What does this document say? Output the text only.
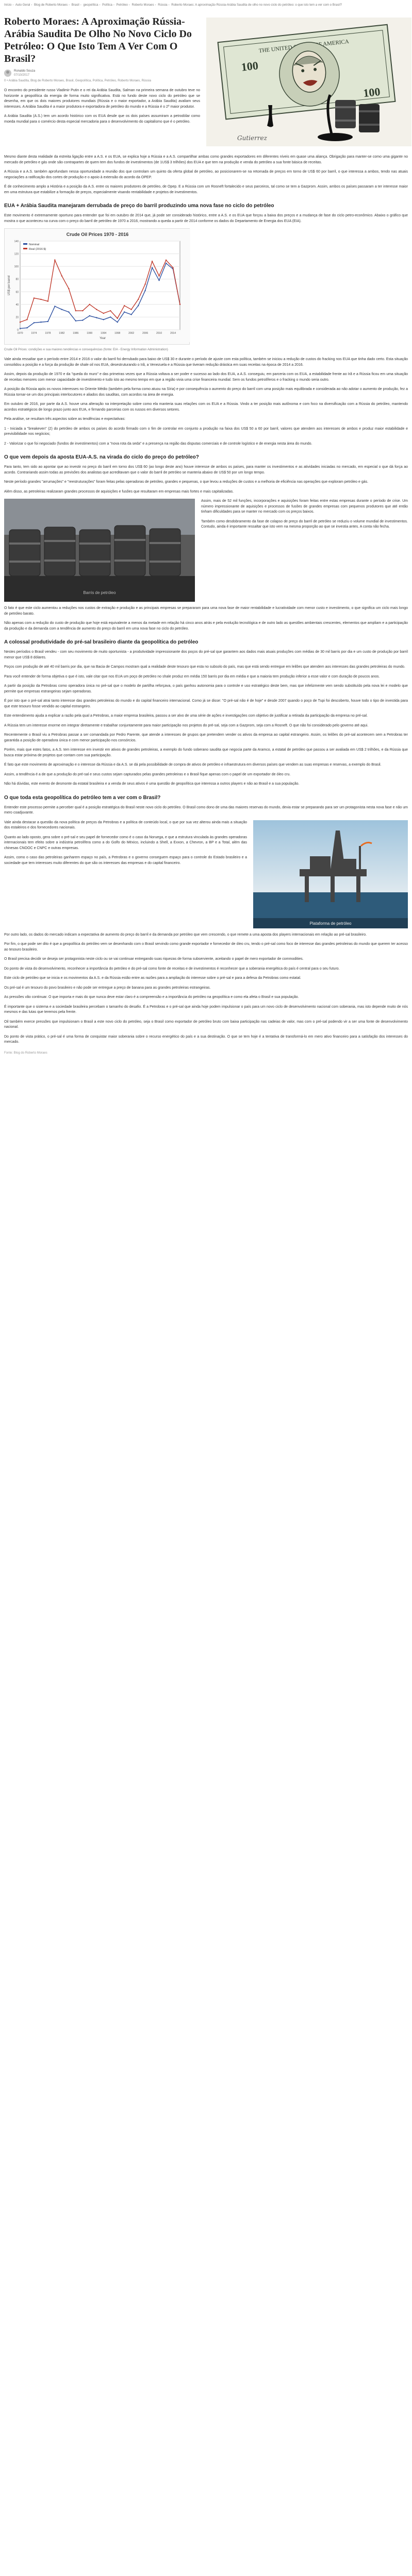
Início › Auto Geral › Blog de Roberto Moraes › Brasil › geopolítica › Política › Petróleo › Roberto Moraes › Rússia › Roberto Moraes: A aproximação Rússia-Arábia Saudita de olho no novo ciclo do petróleo: o que isto tem a ver com o Brasil?
Roberto Moraes: A Aproximação Rússia-Arábia Saudita De Olho No Novo Ciclo Do Petróleo: O Que Isto Tem A Ver Com O Brasil?
Ronaldo Souza
07/10/2017
0 • Arábia Saudita, Blog de Roberto Moraes, Brasil, Geopolítica, Política, Petróleo, Roberto Moraes, Rússia

O encontro do presidente russo Vladimir Putin e o rei da Arábia Saudita, Salman na primeira semana de outubro teve no horizonte a geopolítica da energia de forma muito significativa. Está no fundo deste novo ciclo do petróleo que se desenha, em que os dois maiores produtores mundiais (Rússia e o maior exportador, a Arábia Saudita) avaliam seus interesses. A Arábia Saudita é a maior produtora e exportadora de petróleo do mundo e a Rússia é o 2º maior produtor.

A Arábia Saudita (A.S.) tem um acordo histórico com os EUA desde que os dois países assumiram a petrodólar como moeda mundial para o comércio desta especial mercadoria para o desenvolvimento do capitalismo que é o petróleo.

THE UNITED AMERICA
100
100
Gutierrez

Mesmo diante desta realidade da estreita ligação entre a A.S. e os EUA, se explica hoje a Rússia e a A.S. compartilhar ambas como grandes exportadores em diferentes níveis em quase uma aliança. Obrigação para manter-se como uma gigante no mercado de petróleo e gás onde são contrapartes de quem tem dos fundos de investimentos (de 1US$ 3 trilhões) dos EUA e que tem na produção e venda do petróleo a sua fonte básica de receitas.

A Rússia e a A.S. também aprofundam nessa oportunidade a reunião dos que controlam um quinto da oferta global de petróleo, ao posicionarem-se na retomada de preços em torno de US$ 60 por barril, o que interessa a ambos, tendo nas atuais negociações a ratificação dos cortes de produção e o apoio à extensão do acordo da OPEP.

É de conhecimento amplo a História e a posição da A.S. entre os maiores produtores de petróleo, de Opep. E a Rússia com um Rosneft fortalecido e seus parceiros, tal como se tem a Gazprom. Assim, ambos os países passaram a ter interesse maior em uma estrutura que estabilize a formação de preços, especialmente visando rentabilidade e projetos de investimentos.

EUA + Arábia Saudita manejaram derrubada de preço do barril produzindo uma nova fase no ciclo do petróleo

Este movimento é extremamente oportuno para entender que foi em outubro de 2014 que, já pode ser considerado histórico, entre a A.S. e os EUA que forçou a baixa dos preços e a mudança de fase do ciclo petro-econômico. Abaixo o gráfico que mostra o que aconteceu na curva com o preço do barril de petróleo de 1970 a 2016, mostrando a queda a partir de 2014 conforme os dados do Departamento de Energia dos EUA (EIA).

Crude Oil Prices 1970 - 2016
US$ per barrel
Year
0
20
40
60
80
100
120
140
1970	1974	1978	1982	1986	1990	1994	1998	2002	2006	2010	2014
Nominal
Real (2016 $)
Crude Oil Prices: condições e sua maiores tendências e consequências (fonte: EIA - Energy Information Administration)

Vale ainda ressaltar que o período entre 2014 e 2016 o valor do barril foi derrubado para baixo de US$ 30 e durante o período de ajuste com esta política, também se iniciou a redução de custos do fracking nos EUA que tinha dado certo. Esta situação consolidou a posição e a força da produção de shale oil nos EUA, desestruturando o Irã, a Venezuela e a Rússia que tiveram redução drástica em suas receitas na época de 2014 a 2016.

Assim, depois da produção de 1970 e da "queda do muro" e das primeiras vezes que a Rússia voltava a ser poder e sucesso ao lado dos EUA, a A.S. conseguiu, em parceria com os EUA, a estabilidade frente ao Irã e a Rússia ficou em uma situação de receitas menores com menor capacidade de investimento e tudo isto ao mesmo tempo em que a região vivia uma crise financeira mundial. Sem os fundos petrolíferos e o fracking o mundo seria outro.

A posição da Rússia após os novos interesses no Oriente Médio (também pela forma como atuou na Síria) e por consequência o aumento do preço do barril com uma posição mais equilibrada e considerada ao não adotar o aumento de produção, fez a Rússia tornar-se um dos principais interlocutores e aliados dos sauditas, com acordos na área de energia.

Em outubro de 2016, por parte da A.S. houve uma alteração na interpretação sobre como ela manteria suas relações com os EUA e a Rússia. Vindo a ter posição mais autônoma e com foco na diversificação com a Rússia do petróleo, mantendo acordos estratégicos de longo prazo junto aos EUA, e firmando parcerias com os russos em diversos setores.

Pela análise, se resultam três aspectos sobre as tendências e expectativas:

1 - Iniciada a "breakeven" (2) do petróleo de ambos os países do acordo firmado com o fim de controlar em conjunto a produção na faixa dos US$ 50 a 60 por barril, valores que atendem aos interesses de ambos e produz maior estabilidade e previsibilidade nos negócios;

2 - Valorizar o que foi negociado (fundos de investimentos) com a "nova rota da seda" e a presença na região das disputas comerciais e de controle logístico e de energia nesta área do mundo.

O que vem depois da aposta EUA-A.S. na virada do ciclo do preço do petróleo?

Para tanto, tem sido ao apontar que ao investir no preço do barril em torno dos US$ 60 (ao longo deste ano) houve interesse de ambos os países, para manter os investimentos e as atividades iniciadas no mercado, em especial o que dá força ao acordo. Contrariando assim todas as previsões dos analistas que acreditavam que o valor do barril de petróleo se manteria abaixo de US$ 50 por um longo tempo.

Neste período grandes "arrumações" e "reestruturações" foram feitas pelas operadoras de petróleo, grandes e pequenas, o que levou a reduções de custos e a melhoria de eficiência nas operações que exploram petróleo e gás.

Além disso, as petroleiras realizaram grandes processos de aquisições e fusões que resultaram em empresas mais fortes e mais capitalizadas.

Barris de petróleo

Assim, mais de 52 mil funções, incorporações e aquisições foram feitas entre estas empresas durante o período de crise. Um número impressionante de aquisições e processos de fusões de grandes empresas com pequenos produtores que até então tinham dificuldades para se manter no mercado com os preços baixos.

Também como desdobramento da fase de colapso de preço do barril de petróleo se reduziu o volume mundial de investimentos. Contudo, ainda é importante ressaltar que isto vem na mesma proporção ao que se investia antes. A conta não fecha.

O fato é que este ciclo aumentou a reduções nos custos de extração e produção e as principais empresas se prepararam para uma nova fase de maior rentabilidade e lucratividade com menor custo e investimento, o que significa um ciclo mais longo de petróleo barato.

Não apenas com a redução do custo de produção que hoje está equivalente a menos da metade em relação há cinco anos atrás e pela evolução tecnológica e de outro lado as questões ambientais crescentes, elementos que ampliam e a participação da produção e da demanda com a tendência de aumento do preço do barril em uma nova fase no ciclo do petróleo.

A colossal produtividade do pré-sal brasileiro diante da geopolítica do petróleo

Nestes períodos o Brasil vendeu - com seu movimento de muito oportunista - a produtividade impressionante dos poços do pré-sal que garantem aos dados mais atuais produções com médias de 30 mil barris por dia e um custo de produção por barril menor que US$ 8 dólares.

Poços com produção de até 40 mil barris por dia, que na Bacia de Campos mostram qual a realidade deste tesouro que esta no subsolo do país, mas que está sendo entregue em leilões que atendem aos interesses das grandes petroleiras do mundo.

Para você entender de forma objetiva o que é isto, vale citar que nos EUA um poço de petróleo no shale produz em média 150 barris por dia em média e que a maioria tem produção inferior a esse valor e com duração de poucos anos.

A partir da posição da Petrobras como operadora única no pré-sal que o modelo de partilha reforçava, o país ganhou autonomia para o controle e uso estratégico deste bem, mas que infelizmente vem sendo substituído pela nova lei e modelo que permite que empresas estrangeiras sejam operadoras.

É por isto que o pré-sal atrai tanto interesse das grandes petroleiras do mundo e do capital financeiro internacional. Como já se disse: "O pré-sal não é de hoje" e desde 2007 quando o poço de Tupi foi descoberto, houve todo o tipo de investida para que este tesouro fosse vendido ao capital estrangeiro.

Este entendimento ajuda a explicar a razão pela qual a Petrobras, a maior empresa brasileira, passou a ser alvo de uma série de ações e investigações com objetivo de justificar a retirada da participação da empresa no pré-sal.

A Rússia tem um interesse enorme em integrar diretamente e trabalhar conjuntamente para maior participação nos projetos do pré-sal, seja com a Gazprom, seja com a Rosneft. O que não foi considerado pelo governo até aqui.

Recentemente o Brasil viu a Petrobras passar a ser comandada por Pedro Parente, que atende a interesses de grupos que pretendem vender os ativos da empresa ao capital estrangeiro. Assim, os leilões do pré-sal acontecem sem a Petrobras ter garantida a posição de operadora única e com menor participação nos consórcios.

Porém, mais que estes fatos, a A.S. tem interesse em investir em ativos de grandes petroleiras, a exemplo do fundo soberano saudita que negocia parte da Aramco, a estatal de petróleo que passou a ser avaliada em US$ 2 trilhões, e da Rússia que busca estar próxima de projetos que contam com sua participação.

É fato que este movimento de aproximação e o interesse da Rússia e da A.S. se dá pela possibilidade de compra de ativos de petróleo e infraestrutura em diversos países que vendem as suas empresas e reservas, a exemplo do Brasil.

Assim, a tendência é a de que a produção do pré-sal e seus custos sejam capturados pelas grandes petroleiras e o Brasil fique apenas com o papel de um exportador de óleo cru.

Não há dúvidas, este evento de desmonte da estatal brasileira e a venda de seus ativos é uma questão de geopolítica que interessa a outros players e não ao Brasil e a sua população.

O que toda esta geopolítica do petróleo tem a ver com o Brasil?

Entender este processo permite a perceber qual é a posição estratégica do Brasil neste novo ciclo do petróleo. O Brasil como dono de uma das maiores reservas do mundo, devia estar se preparando para ser um protagonista nesta nova fase e não um mero coadjuvante.

Vale ainda destacar a questão da nova política de preços da Petrobras e a política de conteúdo local, o que por sua vez alterou ainda mais a situação dos estaleiros e dos fornecedores nacionais.

Quanto ao lado oposto, gera sobre o pré-sal e seu papel de fornecedor como é o caso da Noruega, e que a estrutura vinculada às grandes operadoras internacionais tem efeito sobre a indústria petrolífera como a do Golfo do México, incluindo a Shell, a Exxon, a Chevron, a BP e a Total, além das chinesas CNOOC e CNPC e outras empresas.

Assim, como o caso das petroleiras ganharem espaço no país, a Petrobras e o governo conseguem espaço para o controle do Estado brasileiro e a sociedade que tem interesses muito diferentes do que são os interesses das empresas e do capital financeiro.

Plataforma de petróleo

Por outro lado, os dados do mercado indicam a expectativa de aumento do preço do barril e da demanda por petróleo que vem crescendo, o que remete a uma aposta dos players internacionais em relação ao pré-sal brasileiro.

Por fim, o que pode ser dito é que a geopolítica do petróleo vem se desenhando com o Brasil servindo como grande exportador e fornecedor de óleo cru, tendo o pré-sal como foco de interesse das grandes petroleiras do mundo que querem ter acesso ao tesouro brasileiro.

O Brasil precisa decidir se deseja ser protagonista neste ciclo ou se vai continuar entregando suas riquezas de forma subserviente, aceitando o papel de mero exportador de commodities.

Do ponto de vista do desenvolvimento, reconhecer a importância do petróleo e do pré-sal como fonte de receitas e de investimentos é reconhecer que a soberania energética do país é central para o seu futuro.

Este ciclo de petróleo que se inicia e os movimentos da A.S. e da Rússia estão entre as razões para a ampliação do interesse sobre o pré-sal e para a defesa da Petrobras como estatal.

Os pré-sal é um tesouro do povo brasileiro e não pode ser entregue a preço de banana para as grandes petroleiras estrangeiras.

As pressões vão continuar. O que importa e mais do que nunca deve estar claro é a compreensão e a importância do petróleo na geopolítica e como ela afeta o Brasil e sua população.

É importante que o sistema e a sociedade brasileira percebam o tamanho do desafio. É a Petrobras e o pré-sal que ainda hoje podem impulsionar o país para um novo ciclo de desenvolvimento nacional com soberania, mas isto depende muito de nós mesmos e das lutas que teremos pela frente.

Oil também exerce pressões que impulsionam o Brasil a este novo ciclo do petróleo, seja o Brasil como exportador de petróleo bruto com baixa participação nas cadeias de valor, mas com o pré-sal podendo vir a ser uma fonte de desenvolvimento nacional.

Do ponto de vista prático, o pré-sal é uma forma de conquistar maior soberania sobre o recurso energético do país e a sua destinação. O que se tem hoje é a tentativa de transformá-lo em mero ativo financeiro para a satisfação dos interesses do mercado.

Fonte: Blog do Roberto Moraes
